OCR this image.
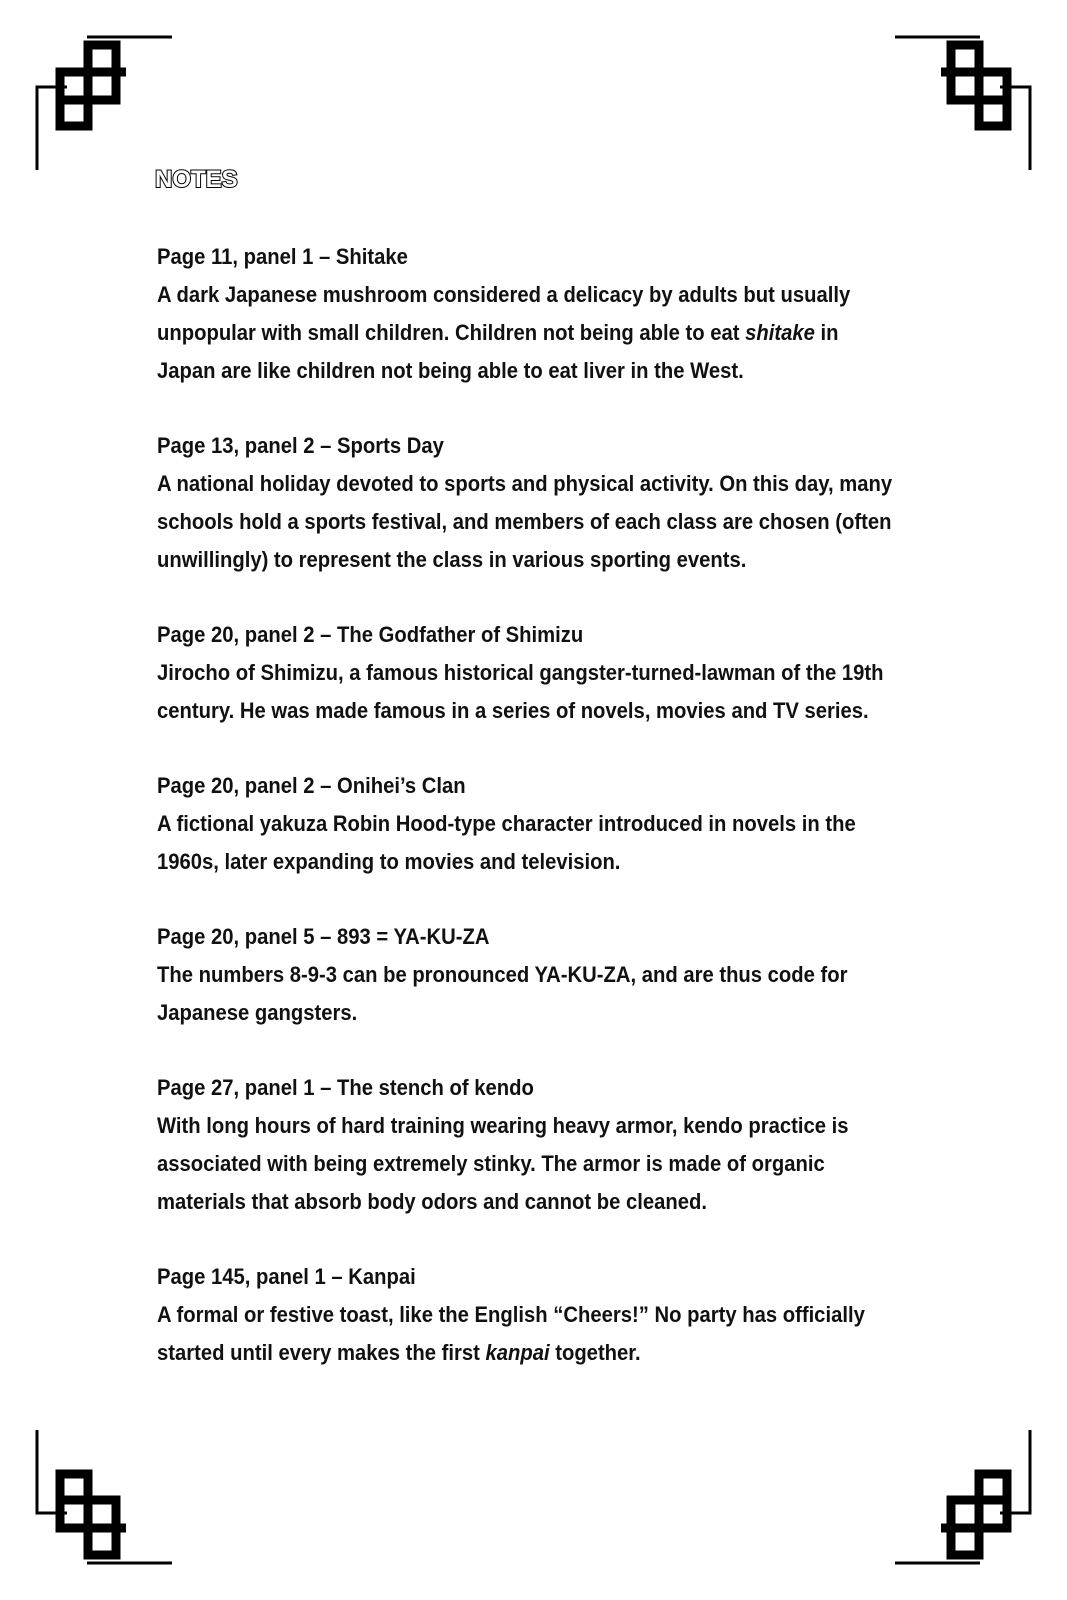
NOTES
Page 11, panel 1 – Shitake
A dark Japanese mushroom considered a delicacy by adults but usually unpopular with small children. Children not being able to eat shitake in Japan are like children not being able to eat liver in the West.
Page 13, panel 2 – Sports Day
A national holiday devoted to sports and physical activity. On this day, many schools hold a sports festival, and members of each class are chosen (often unwillingly) to represent the class in various sporting events.
Page 20, panel 2 – The Godfather of Shimizu
Jirocho of Shimizu, a famous historical gangster-turned-lawman of the 19th century. He was made famous in a series of novels, movies and TV series.
Page 20, panel 2 – Onihei’s Clan
A fictional yakuza Robin Hood-type character introduced in novels in the 1960s, later expanding to movies and television.
Page 20, panel 5 – 893 = YA-KU-ZA
The numbers 8-9-3 can be pronounced YA-KU-ZA, and are thus code for Japanese gangsters.
Page 27, panel 1 – The stench of kendo
With long hours of hard training wearing heavy armor, kendo practice is associated with being extremely stinky. The armor is made of organic materials that absorb body odors and cannot be cleaned.
Page 145, panel 1 – Kanpai
A formal or festive toast, like the English “Cheers!” No party has officially started until every makes the first kanpai together.
